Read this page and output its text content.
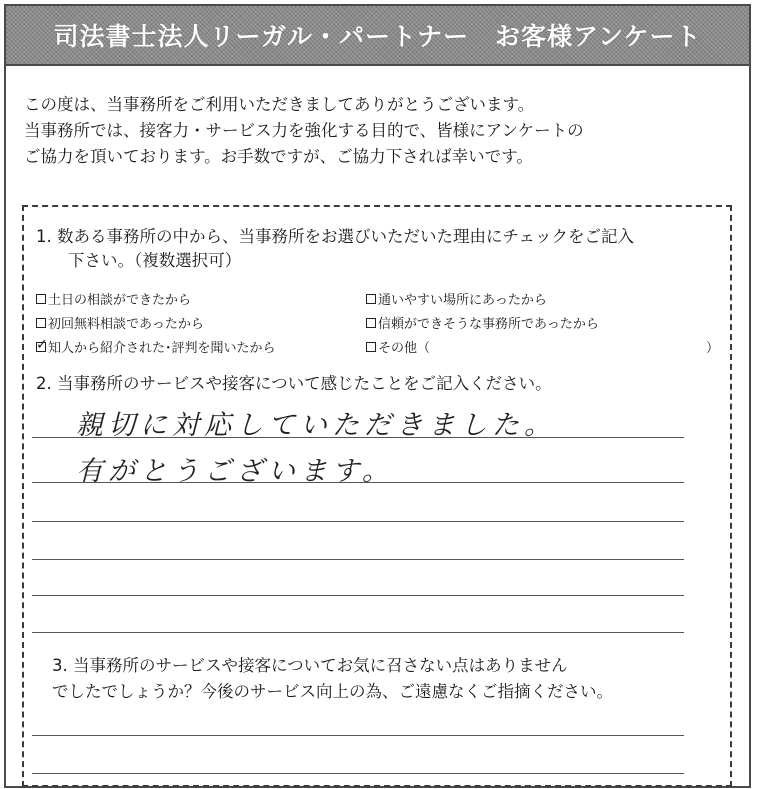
司法書士法人リーガル・パートナー　お客様アンケート

この度は、当事務所をご利用いただきましてありがとうございます。

当事務所では、接客力・サービス力を強化する目的で、皆様にアンケートの

ご協力を頂いております。お手数ですが、ご協力下されば幸いです。

1. 数ある事務所の中から、当事務所をお選びいただいた理由にチェックをご記入
下さい。（複数選択可）
土日の相談ができたから	通いやすい場所にあったから
初回無料相談であったから	信頼ができそうな事務所であったから
✓ 知人から紹介された･評判を聞いたから	その他（	）
2. 当事務所のサービスや接客について感じたことをご記入ください。
親切に対応していただきました。
有がとうございます。
3. 当事務所のサービスや接客についてお気に召さない点はありません
でしたでしょうか？今後のサービス向上の為、ご遠慮なくご指摘ください。
